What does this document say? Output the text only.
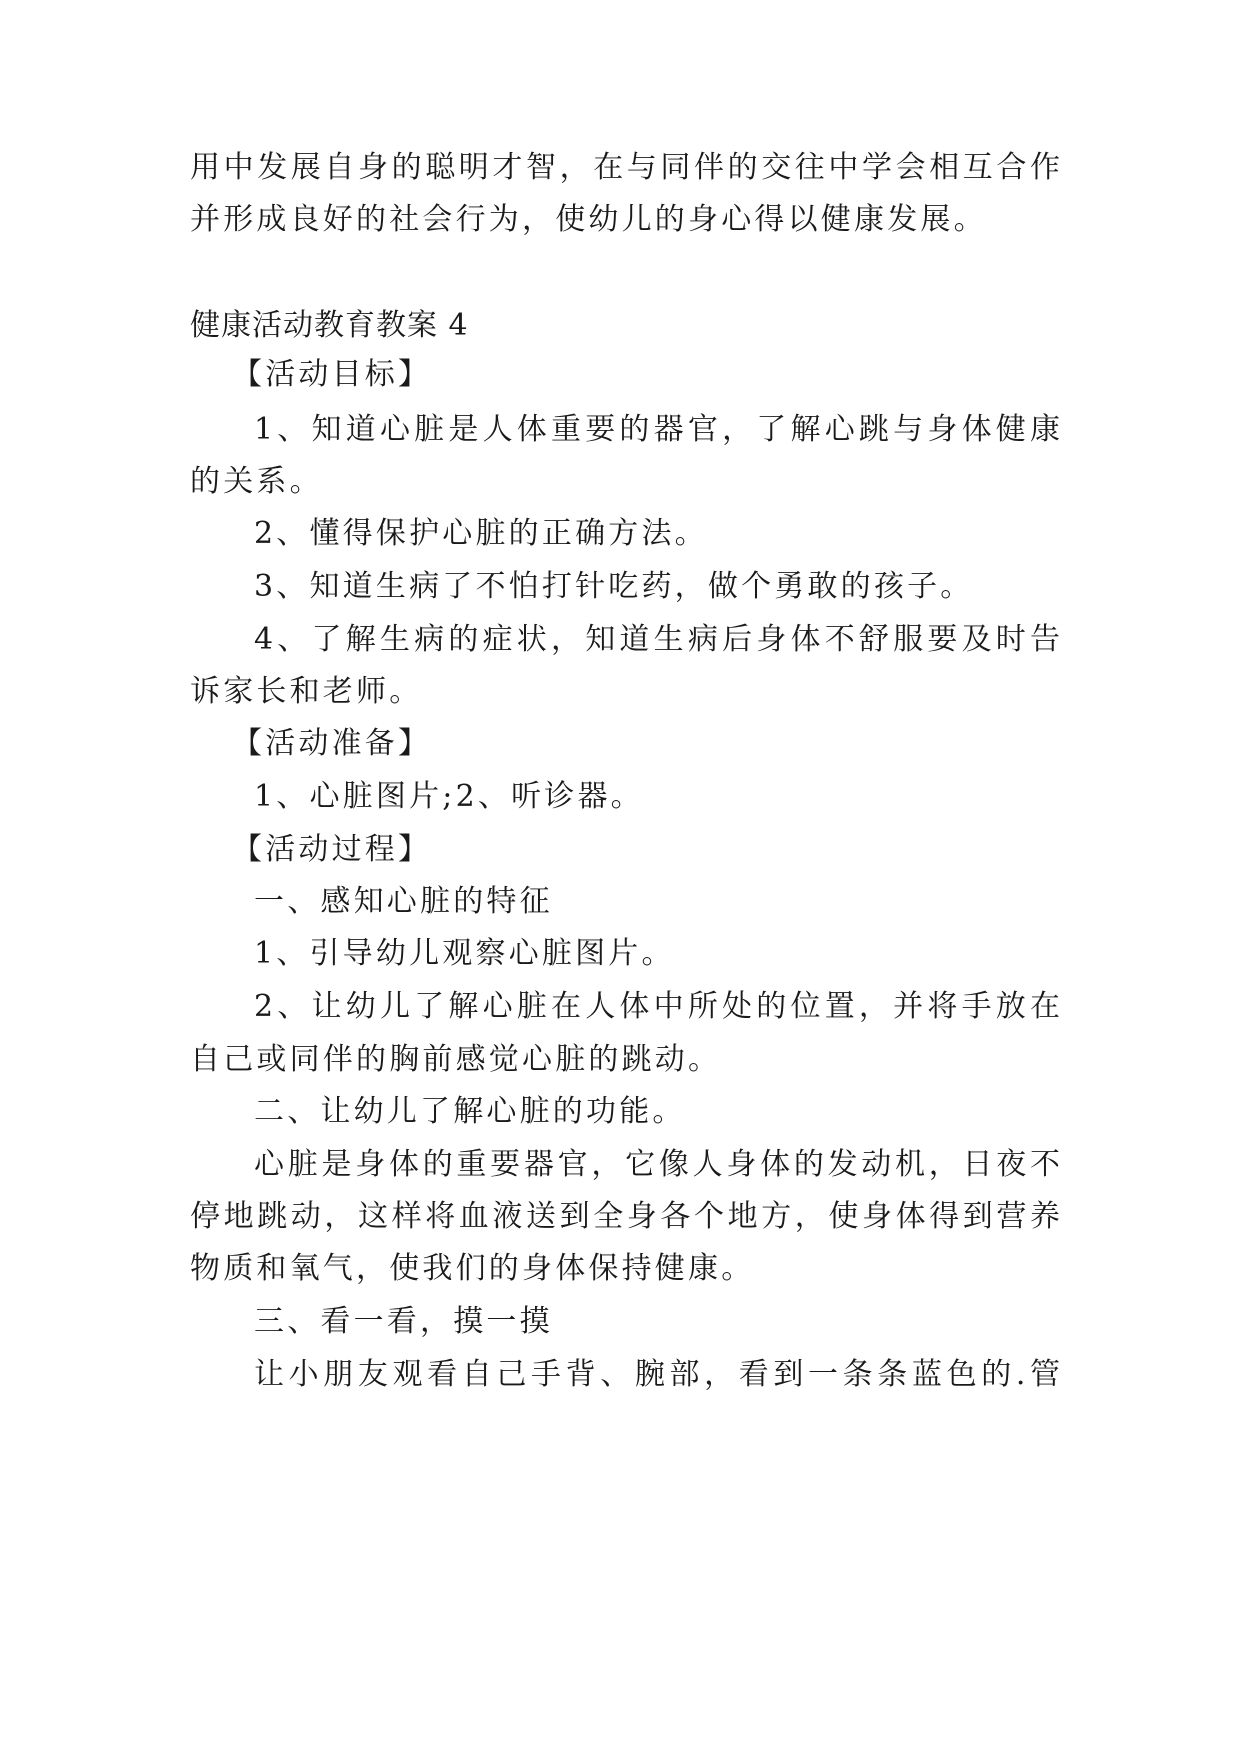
用中发展自身的聪明才智，在与同伴的交往中学会相互合作
并形成良好的社会行为，使幼儿的身心得以健康发展。
健康活动教育教案 4
【活动目标】
1、知道心脏是人体重要的器官，了解心跳与身体健康
的关系。
2、懂得保护心脏的正确方法。
3、知道生病了不怕打针吃药，做个勇敢的孩子。
4、了解生病的症状，知道生病后身体不舒服要及时告
诉家长和老师。
【活动准备】
1、心脏图片;2、听诊器。
【活动过程】
一、感知心脏的特征
1、引导幼儿观察心脏图片。
2、让幼儿了解心脏在人体中所处的位置，并将手放在
自己或同伴的胸前感觉心脏的跳动。
二、让幼儿了解心脏的功能。
心脏是身体的重要器官，它像人身体的发动机，日夜不
停地跳动，这样将血液送到全身各个地方，使身体得到营养
物质和氧气，使我们的身体保持健康。
三、看一看，摸一摸
让小朋友观看自己手背、腕部，看到一条条蓝色的.管
